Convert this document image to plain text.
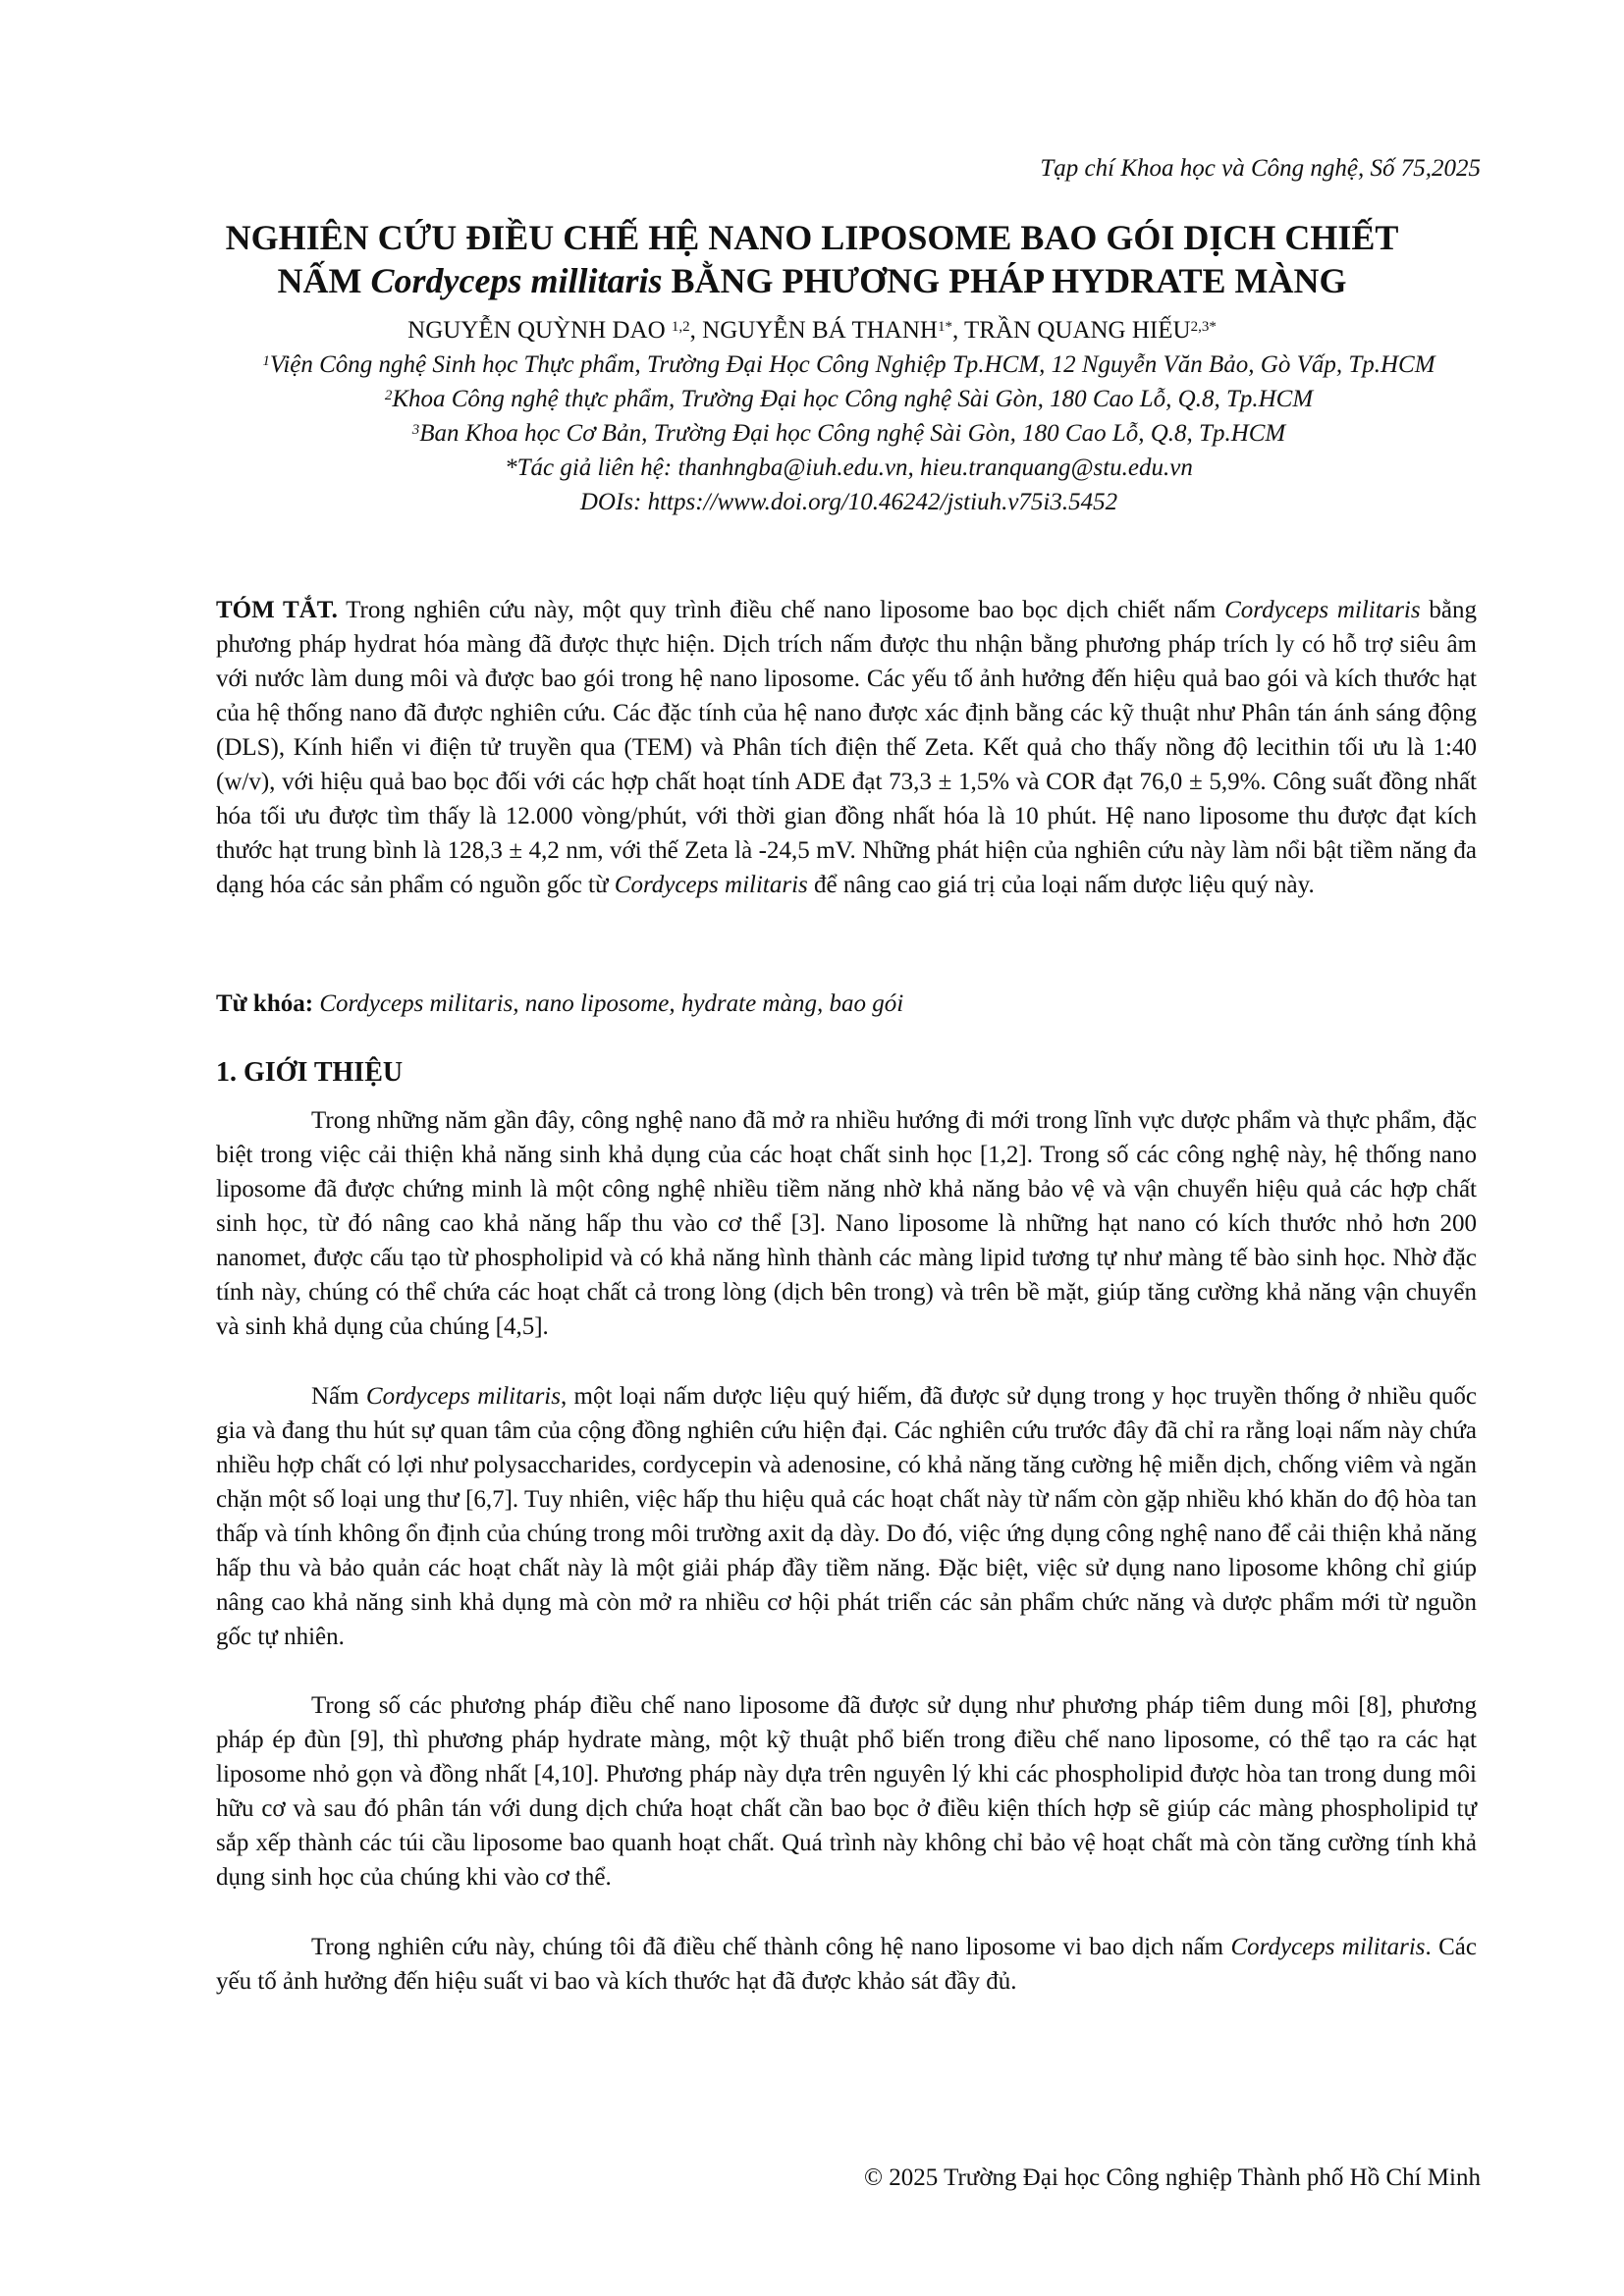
Tạp chí Khoa học và Công nghệ, Số 75,2025
NGHIÊN CỨU ĐIỀU CHẾ HỆ NANO LIPOSOME BAO GÓI DỊCH CHIẾT
NẤM Cordyceps millitaris BẰNG PHƯƠNG PHÁP HYDRATE MÀNG
NGUYỄN QUỲNH DAO $^{1,2}$, NGUYỄN BÁ $THANH^{1*}$, TRẦN QUANG HIẾU$^{2,3*}$

$^1$Viện Công nghệ Sinh học Thực phẩm, Trường Đại Học Công Nghiệp Tp.HCM, 12 Nguyễn Văn Bảo, Gò Vấp, Tp.HCM

$^2$Khoa Công nghệ thực phẩm, Trường Đại học Công nghệ Sài Gòn, 180 Cao Lỗ, Q.8, Tp.HCM

$^3$Ban Khoa học Cơ Bản, Trường Đại học Công nghệ Sài Gòn, 180 Cao Lỗ, Q.8, Tp.HCM

*Tác giả liên hệ: thanhngba@iuh.edu.vn, hieu.tranquang@stu.edu.vn

DOIs: https://www.doi.org/10.46242/jstiuh.v75i3.5452

TÓM TẮT. Trong nghiên cứu này, một quy trình điều chế nano liposome bao bọc dịch chiết nấm Cordyceps militaris bằng phương pháp hydrat hóa màng đã được thực hiện. Dịch trích nấm được thu nhận bằng phương pháp trích ly có hỗ trợ siêu âm với nước làm dung môi và được bao gói trong hệ nano liposome. Các yếu tố ảnh hưởng đến hiệu quả bao gói và kích thước hạt của hệ thống nano đã được nghiên cứu. Các đặc tính của hệ nano được xác định bằng các kỹ thuật như Phân tán ánh sáng động (DLS), Kính hiển vi điện tử truyền qua (TEM) và Phân tích điện thế Zeta. Kết quả cho thấy nồng độ lecithin tối ưu là 1:40 (w/v), với hiệu quả bao bọc đối với các hợp chất hoạt tính ADE đạt 73,3 ± 1,5% và COR đạt 76,0 ± 5,9%. Công suất đồng nhất hóa tối ưu được tìm thấy là 12.000 vòng/phút, với thời gian đồng nhất hóa là 10 phút. Hệ nano liposome thu được đạt kích thước hạt trung bình là 128,3 ± 4,2 nm, với thế Zeta là -24,5 mV. Những phát hiện của nghiên cứu này làm nổi bật tiềm năng đa dạng hóa các sản phẩm có nguồn gốc từ Cordyceps militaris để nâng cao giá trị của loại nấm dược liệu quý này.

Từ khóa: Cordyceps militaris, nano liposome, hydrate màng, bao gói

1. GIỚI THIỆU

Trong những năm gần đây, công nghệ nano đã mở ra nhiều hướng đi mới trong lĩnh vực dược phẩm và thực phẩm, đặc biệt trong việc cải thiện khả năng sinh khả dụng của các hoạt chất sinh học [1,2]. Trong số các công nghệ này, hệ thống nano liposome đã được chứng minh là một công nghệ nhiều tiềm năng nhờ khả năng bảo vệ và vận chuyển hiệu quả các hợp chất sinh học, từ đó nâng cao khả năng hấp thu vào cơ thể [3]. Nano liposome là những hạt nano có kích thước nhỏ hơn 200 nanomet, được cấu tạo từ phospholipid và có khả năng hình thành các màng lipid tương tự như màng tế bào sinh học. Nhờ đặc tính này, chúng có thể chứa các hoạt chất cả trong lòng (dịch bên trong) và trên bề mặt, giúp tăng cường khả năng vận chuyển và sinh khả dụng của chúng [4,5].

Nấm Cordyceps militaris, một loại nấm dược liệu quý hiếm, đã được sử dụng trong y học truyền thống ở nhiều quốc gia và đang thu hút sự quan tâm của cộng đồng nghiên cứu hiện đại. Các nghiên cứu trước đây đã chỉ ra rằng loại nấm này chứa nhiều hợp chất có lợi như polysaccharides, cordycepin và adenosine, có khả năng tăng cường hệ miễn dịch, chống viêm và ngăn chặn một số loại ung thư [6,7]. Tuy nhiên, việc hấp thu hiệu quả các hoạt chất này từ nấm còn gặp nhiều khó khăn do độ hòa tan thấp và tính không ổn định của chúng trong môi trường axit dạ dày. Do đó, việc ứng dụng công nghệ nano để cải thiện khả năng hấp thu và bảo quản các hoạt chất này là một giải pháp đầy tiềm năng. Đặc biệt, việc sử dụng nano liposome không chỉ giúp nâng cao khả năng sinh khả dụng mà còn mở ra nhiều cơ hội phát triển các sản phẩm chức năng và dược phẩm mới từ nguồn gốc tự nhiên.

Trong số các phương pháp điều chế nano liposome đã được sử dụng như phương pháp tiêm dung môi [8], phương pháp ép đùn [9], thì phương pháp hydrate màng, một kỹ thuật phổ biến trong điều chế nano liposome, có thể tạo ra các hạt liposome nhỏ gọn và đồng nhất [4,10]. Phương pháp này dựa trên nguyên lý khi các phospholipid được hòa tan trong dung môi hữu cơ và sau đó phân tán với dung dịch chứa hoạt chất cần bao bọc ở điều kiện thích hợp sẽ giúp các màng phospholipid tự sắp xếp thành các túi cầu liposome bao quanh hoạt chất. Quá trình này không chỉ bảo vệ hoạt chất mà còn tăng cường tính khả dụng sinh học của chúng khi vào cơ thể.

Trong nghiên cứu này, chúng tôi đã điều chế thành công hệ nano liposome vi bao dịch nấm Cordyceps militaris. Các yếu tố ảnh hưởng đến hiệu suất vi bao và kích thước hạt đã được khảo sát đầy đủ.

© 2025 Trường Đại học Công nghiệp Thành phố Hồ Chí Minh
